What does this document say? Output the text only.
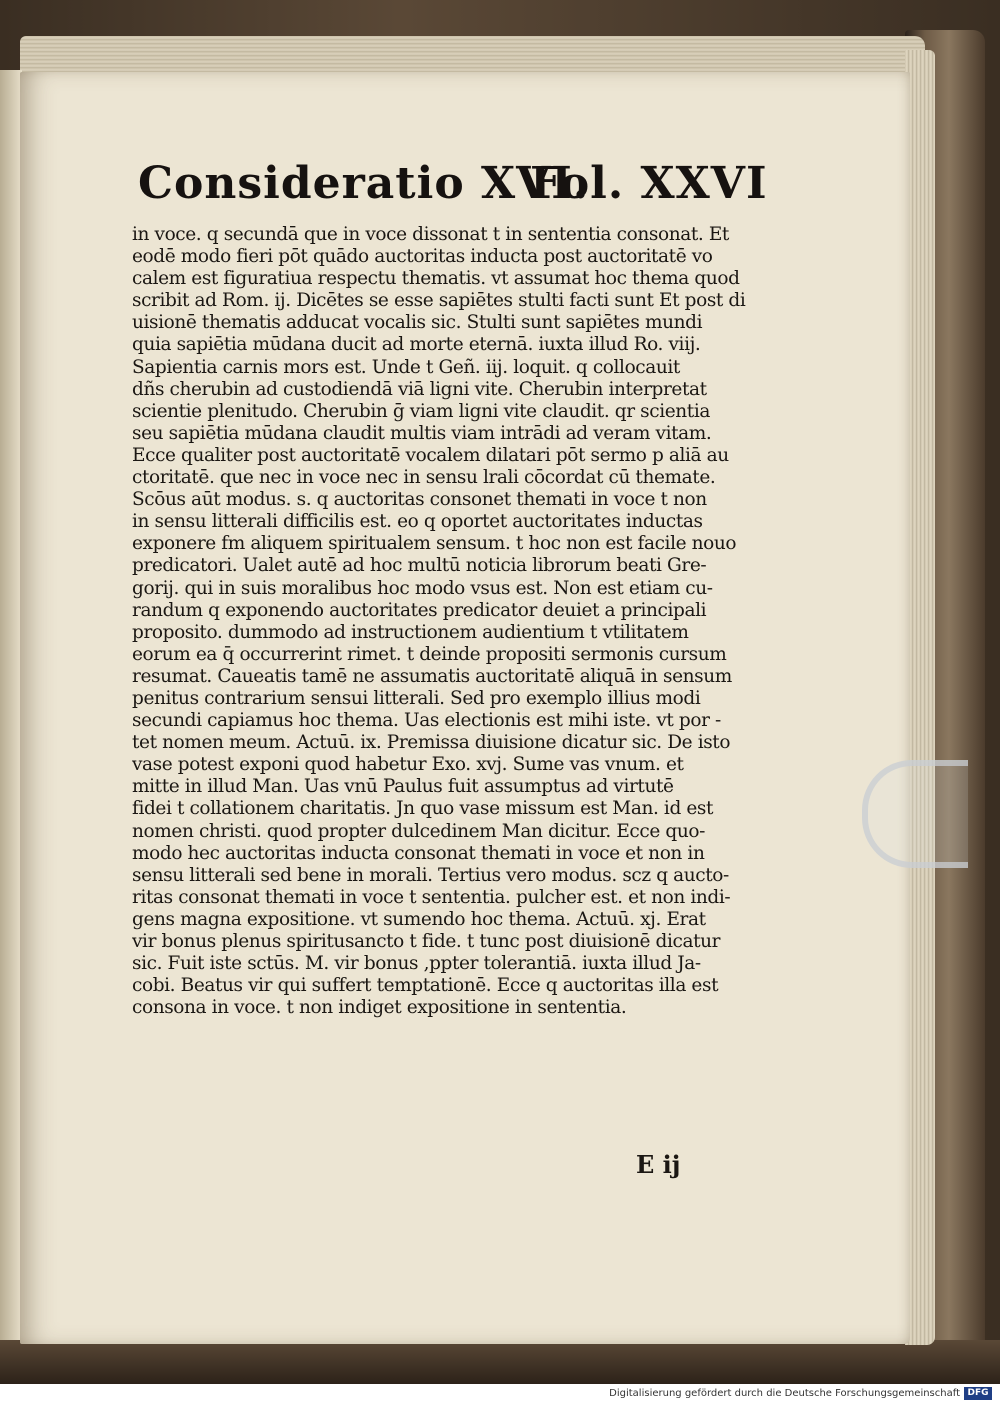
Consideratio XVI.
Fol. XXVI
in voce. q secundā que in voce dissonat t in sententia consonat. Et
eodē modo fieri pōt quādo auctoritas inducta post auctoritatē vo
calem est figuratiua respectu thematis. vt assumat hoc thema quod
scribit ad Rom. ij. Dicētes se esse sapiētes stulti facti sunt Et post di
uisionē thematis adducat vocalis sic. Stulti sunt sapiētes mundi
quia sapiētia mūdana ducit ad morte eternā. iuxta illud Ro. viij.
Sapientia carnis mors est. Unde t Geñ. iij. loquit. q collocauit
dñs cherubin ad custodiendā viā ligni vite. Cherubin interpretat
scientie plenitudo. Cherubin ḡ viam ligni vite claudit. qr scientia
seu sapiētia mūdana claudit multis viam intrādi ad veram vitam.
Ecce qualiter post auctoritatē vocalem dilatari pōt sermo p aliā au
ctoritatē. que nec in voce nec in sensu lrali cōcordat cū themate.
Scōus aūt modus. s. q auctoritas consonet themati in voce t non
in sensu litterali difficilis est. eo q oportet auctoritates inductas
exponere fm aliquem spiritualem sensum. t hoc non est facile nouo
predicatori. Ualet autē ad hoc multū noticia librorum beati Gre-
gorij. qui in suis moralibus hoc modo vsus est. Non est etiam cu-
randum q exponendo auctoritates predicator deuiet a principali
proposito. dummodo ad instructionem audientium t vtilitatem
eorum ea q̄ occurrerint rimet. t deinde propositi sermonis cursum
resumat. Caueatis tamē ne assumatis auctoritatē aliquā in sensum
penitus contrarium sensui litterali. Sed pro exemplo illius modi
secundi capiamus hoc thema. Uas electionis est mihi iste. vt por -
tet nomen meum. Actuū. ix. Premissa diuisione dicatur sic. De isto
vase potest exponi quod habetur Exo. xvj. Sume vas vnum. et
mitte in illud Man. Uas vnū Paulus fuit assumptus ad virtutē
fidei t collationem charitatis. Jn quo vase missum est Man. id est
nomen christi. quod propter dulcedinem Man dicitur. Ecce quo-
modo hec auctoritas inducta consonat themati in voce et non in
sensu litterali sed bene in morali. Tertius vero modus. scz q aucto-
ritas consonat themati in voce t sententia. pulcher est. et non indi-
gens magna expositione. vt sumendo hoc thema. Actuū. xj. Erat
vir bonus plenus spiritusancto t fide. t tunc post diuisionē dicatur
sic. Fuit iste sctūs. M. vir bonus ,ppter tolerantiā. iuxta illud Ja-
cobi. Beatus vir qui suffert temptationē. Ecce q auctoritas illa est
consona in voce. t non indiget expositione in sententia.
E ij
Digitalisierung gefördert durch die Deutsche Forschungsgemeinschaft DFG
